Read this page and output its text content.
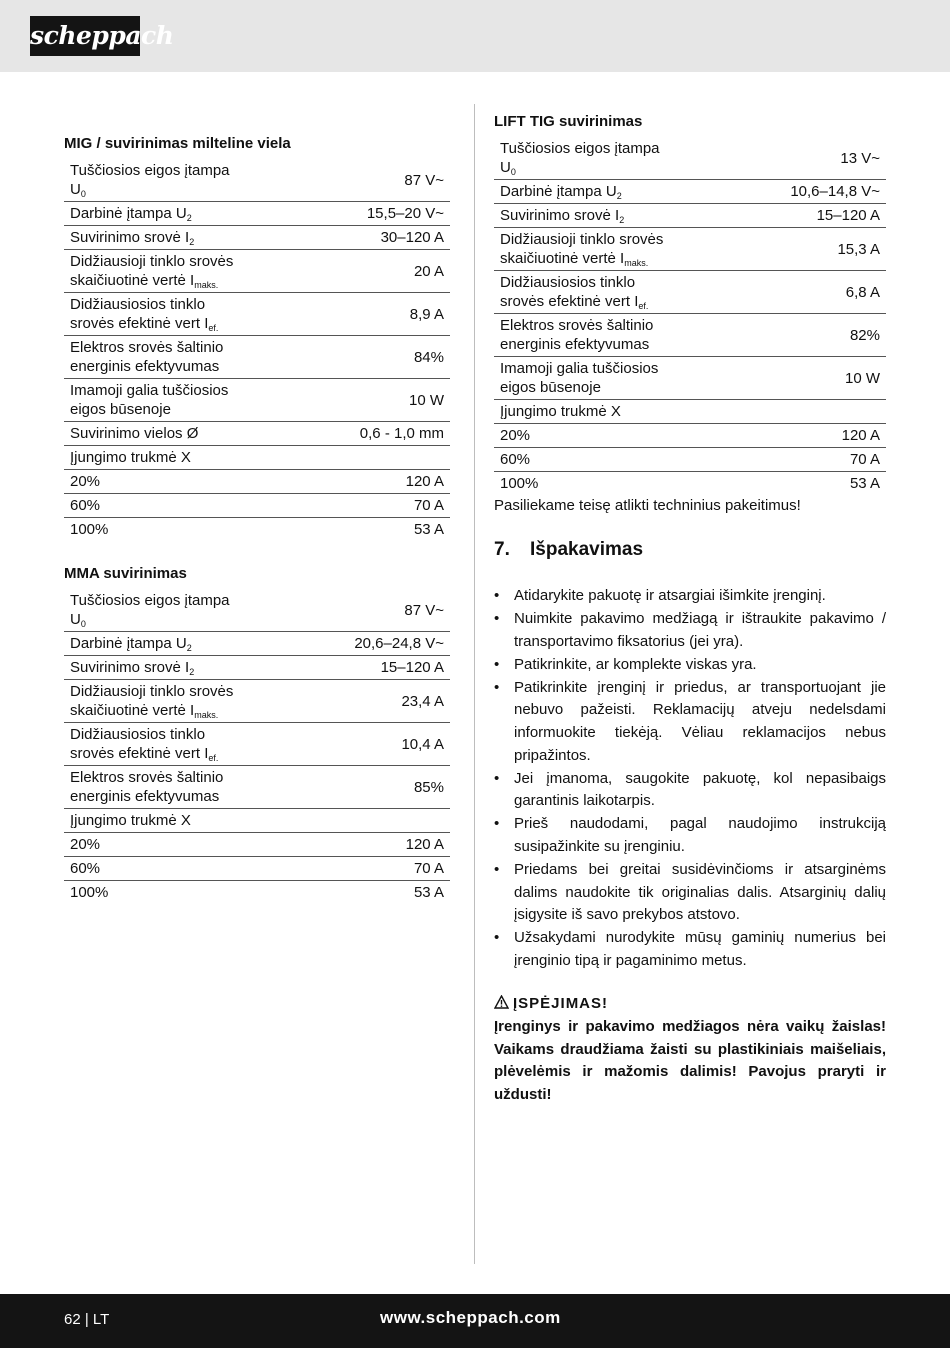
scheppach
MIG / suvirinimas milteline viela
Tuščiosios eigos įtampa
$U_0$	87 V~
Darbinė įtampa $U_2$	15,5–20 V~
Suvirinimo srovė $I_2$	30–120 A
Didžiausioji tinklo srovės
skaičiuotinė vertė $I_{maks.}$	20 A
Didžiausiosios tinklo
srovės efektinė vert $I_{ef.}$	8,9 A
Elektros srovės šaltinio
energinis efektyvumas	84%
Imamoji galia tuščiosios
eigos būsenoje	10 W
Suvirinimo vielos Ø	0,6 - 1,0 mm
Įjungimo trukmė X	
20%	120 A
60%	70 A
100%	53 A
MMA suvirinimas
Tuščiosios eigos įtampa
$U_0$	87 V~
Darbinė įtampa $U_2$	20,6–24,8 V~
Suvirinimo srovė $I_2$	15–120 A
Didžiausioji tinklo srovės
skaičiuotinė vertė $I_{maks.}$	23,4 A
Didžiausiosios tinklo
srovės efektinė vert $I_{ef.}$	10,4 A
Elektros srovės šaltinio
energinis efektyvumas	85%
Įjungimo trukmė X	
20%	120 A
60%	70 A
100%	53 A
LIFT TIG suvirinimas
Tuščiosios eigos įtampa
$U_0$	13 V~
Darbinė įtampa $U_2$	10,6–14,8 V~
Suvirinimo srovė $I_2$	15–120 A
Didžiausioji tinklo srovės
skaičiuotinė vertė $I_{maks.}$	15,3 A
Didžiausiosios tinklo
srovės efektinė vert $I_{ef.}$	6,8 A
Elektros srovės šaltinio
energinis efektyvumas	82%
Imamoji galia tuščiosios
eigos būsenoje	10 W
Įjungimo trukmė X	
20%	120 A
60%	70 A
100%	53 A
Pasiliekame teisę atlikti techninius pakeitimus!
7. Išpakavimas
• Atidarykite pakuotę ir atsargiai išimkite įrenginį.
• Nuimkite pakavimo medžiagą ir ištraukite pakavimo / transportavimo fiksatorius (jei yra).
• Patikrinkite, ar komplekte viskas yra.
• Patikrinkite įrenginį ir priedus, ar transportuojant jie nebuvo pažeisti. Reklamacijų atveju nedelsdami informuokite tiekėją. Vėliau reklamacijos nebus pripažintos.
• Jei įmanoma, saugokite pakuotę, kol nepasibaigs garantinis laikotarpis.
• Prieš naudodami, pagal naudojimo instrukciją susipažinkite su įrenginiu.
• Priedams bei greitai susidėvinčioms ir atsarginėms dalims naudokite tik originalias dalis. Atsarginių dalių įsigysite iš savo prekybos atstovo.
• Užsakydami nurodykite mūsų gaminių numerius bei įrenginio tipą ir pagaminimo metus.
ĮSPĖJIMAS!
Įrenginys ir pakavimo medžiagos nėra vaikų žaislas! Vaikams draudžiama žaisti su plastikiniais maišeliais, plėvelėmis ir mažomis dalimis! Pavojus praryti ir uždusti!
62 | LT	www.scheppach.com
